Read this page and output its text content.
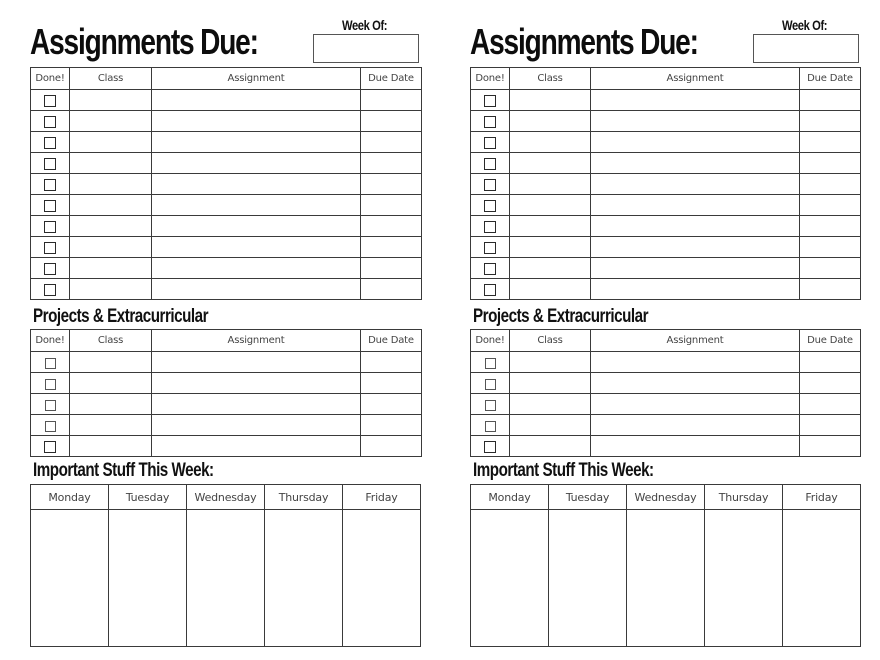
Assignments Due:	Week Of:
Done!	Class	Assignment	Due Date

Projects & Extracurricular
Done!	Class	Assignment	Due Date

Important Stuff This Week:
Monday	Tuesday	Wednesday	Thursday	Friday

Assignments Due:	Week Of:
Done!	Class	Assignment	Due Date

Projects & Extracurricular
Done!	Class	Assignment	Due Date

Important Stuff This Week:
Monday	Tuesday	Wednesday	Thursday	Friday
